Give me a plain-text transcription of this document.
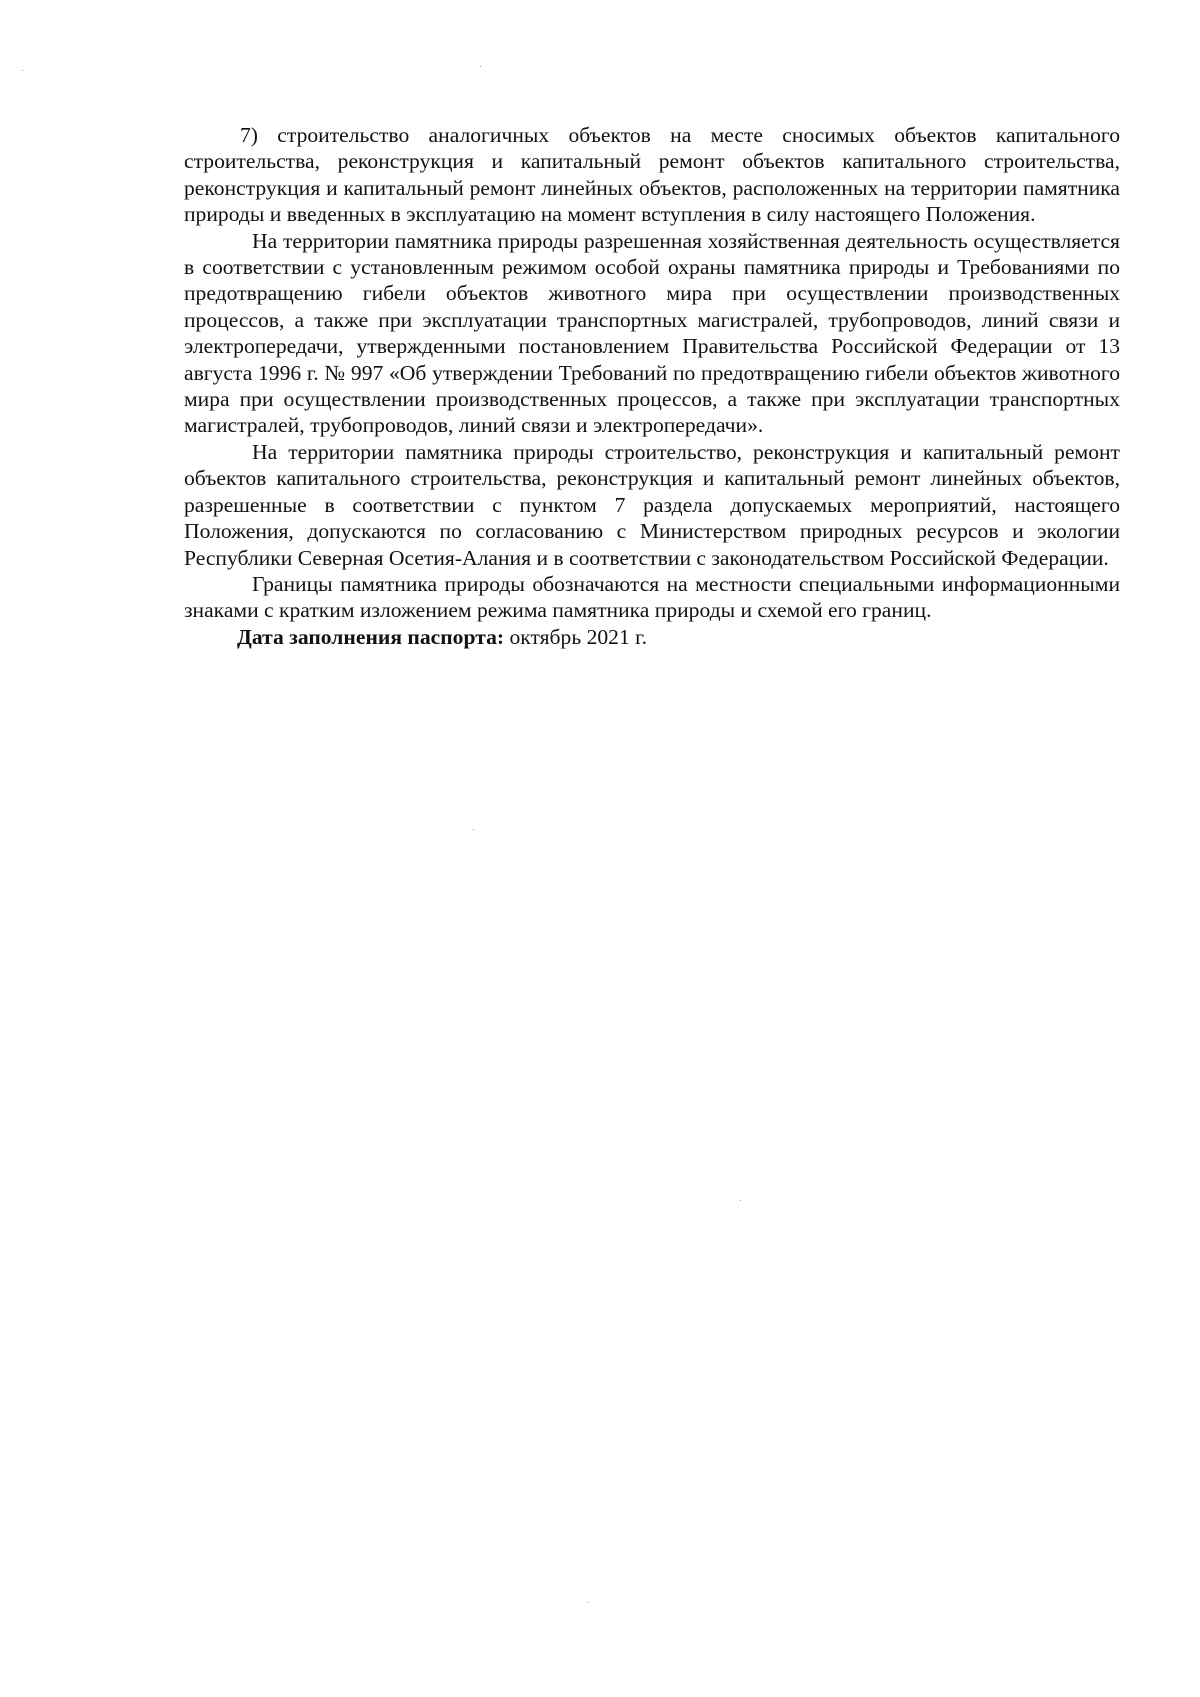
7) строительство аналогичных объектов на месте сносимых объектов капитального строительства, реконструкция и капитальный ремонт объектов капитального строительства, реконструкция и капитальный ремонт линейных объектов, расположенных на территории памятника природы и введенных в эксплуатацию на момент вступления в силу настоящего Положения.

На территории памятника природы разрешенная хозяйственная деятельность осуществляется в соответствии с установленным режимом особой охраны памятника природы и Требованиями по предотвращению гибели объектов животного мира при осуществлении производственных процессов, а также при эксплуатации транспортных магистралей, трубопроводов, линий связи и электропередачи, утвержденными постановлением Правительства Российской Федерации от 13 августа 1996 г. № 997 «Об утверждении Требований по предотвращению гибели объектов животного мира при осуществлении производственных процессов, а также при эксплуатации транспортных магистралей, трубопроводов, линий связи и электропередачи».

На территории памятника природы строительство, реконструкция и капитальный ремонт объектов капитального строительства, реконструкция и капитальный ремонт линейных объектов, разрешенные в соответствии с пунктом 7 раздела допускаемых мероприятий, настоящего Положения, допускаются по согласованию с Министерством природных ресурсов и экологии Республики Северная Осетия-Алания и в соответствии с законодательством Российской Федерации.

Границы памятника природы обозначаются на местности специальными информационными знаками с кратким изложением режима памятника природы и схемой его границ.

Дата заполнения паспорта: октябрь 2021 г.
